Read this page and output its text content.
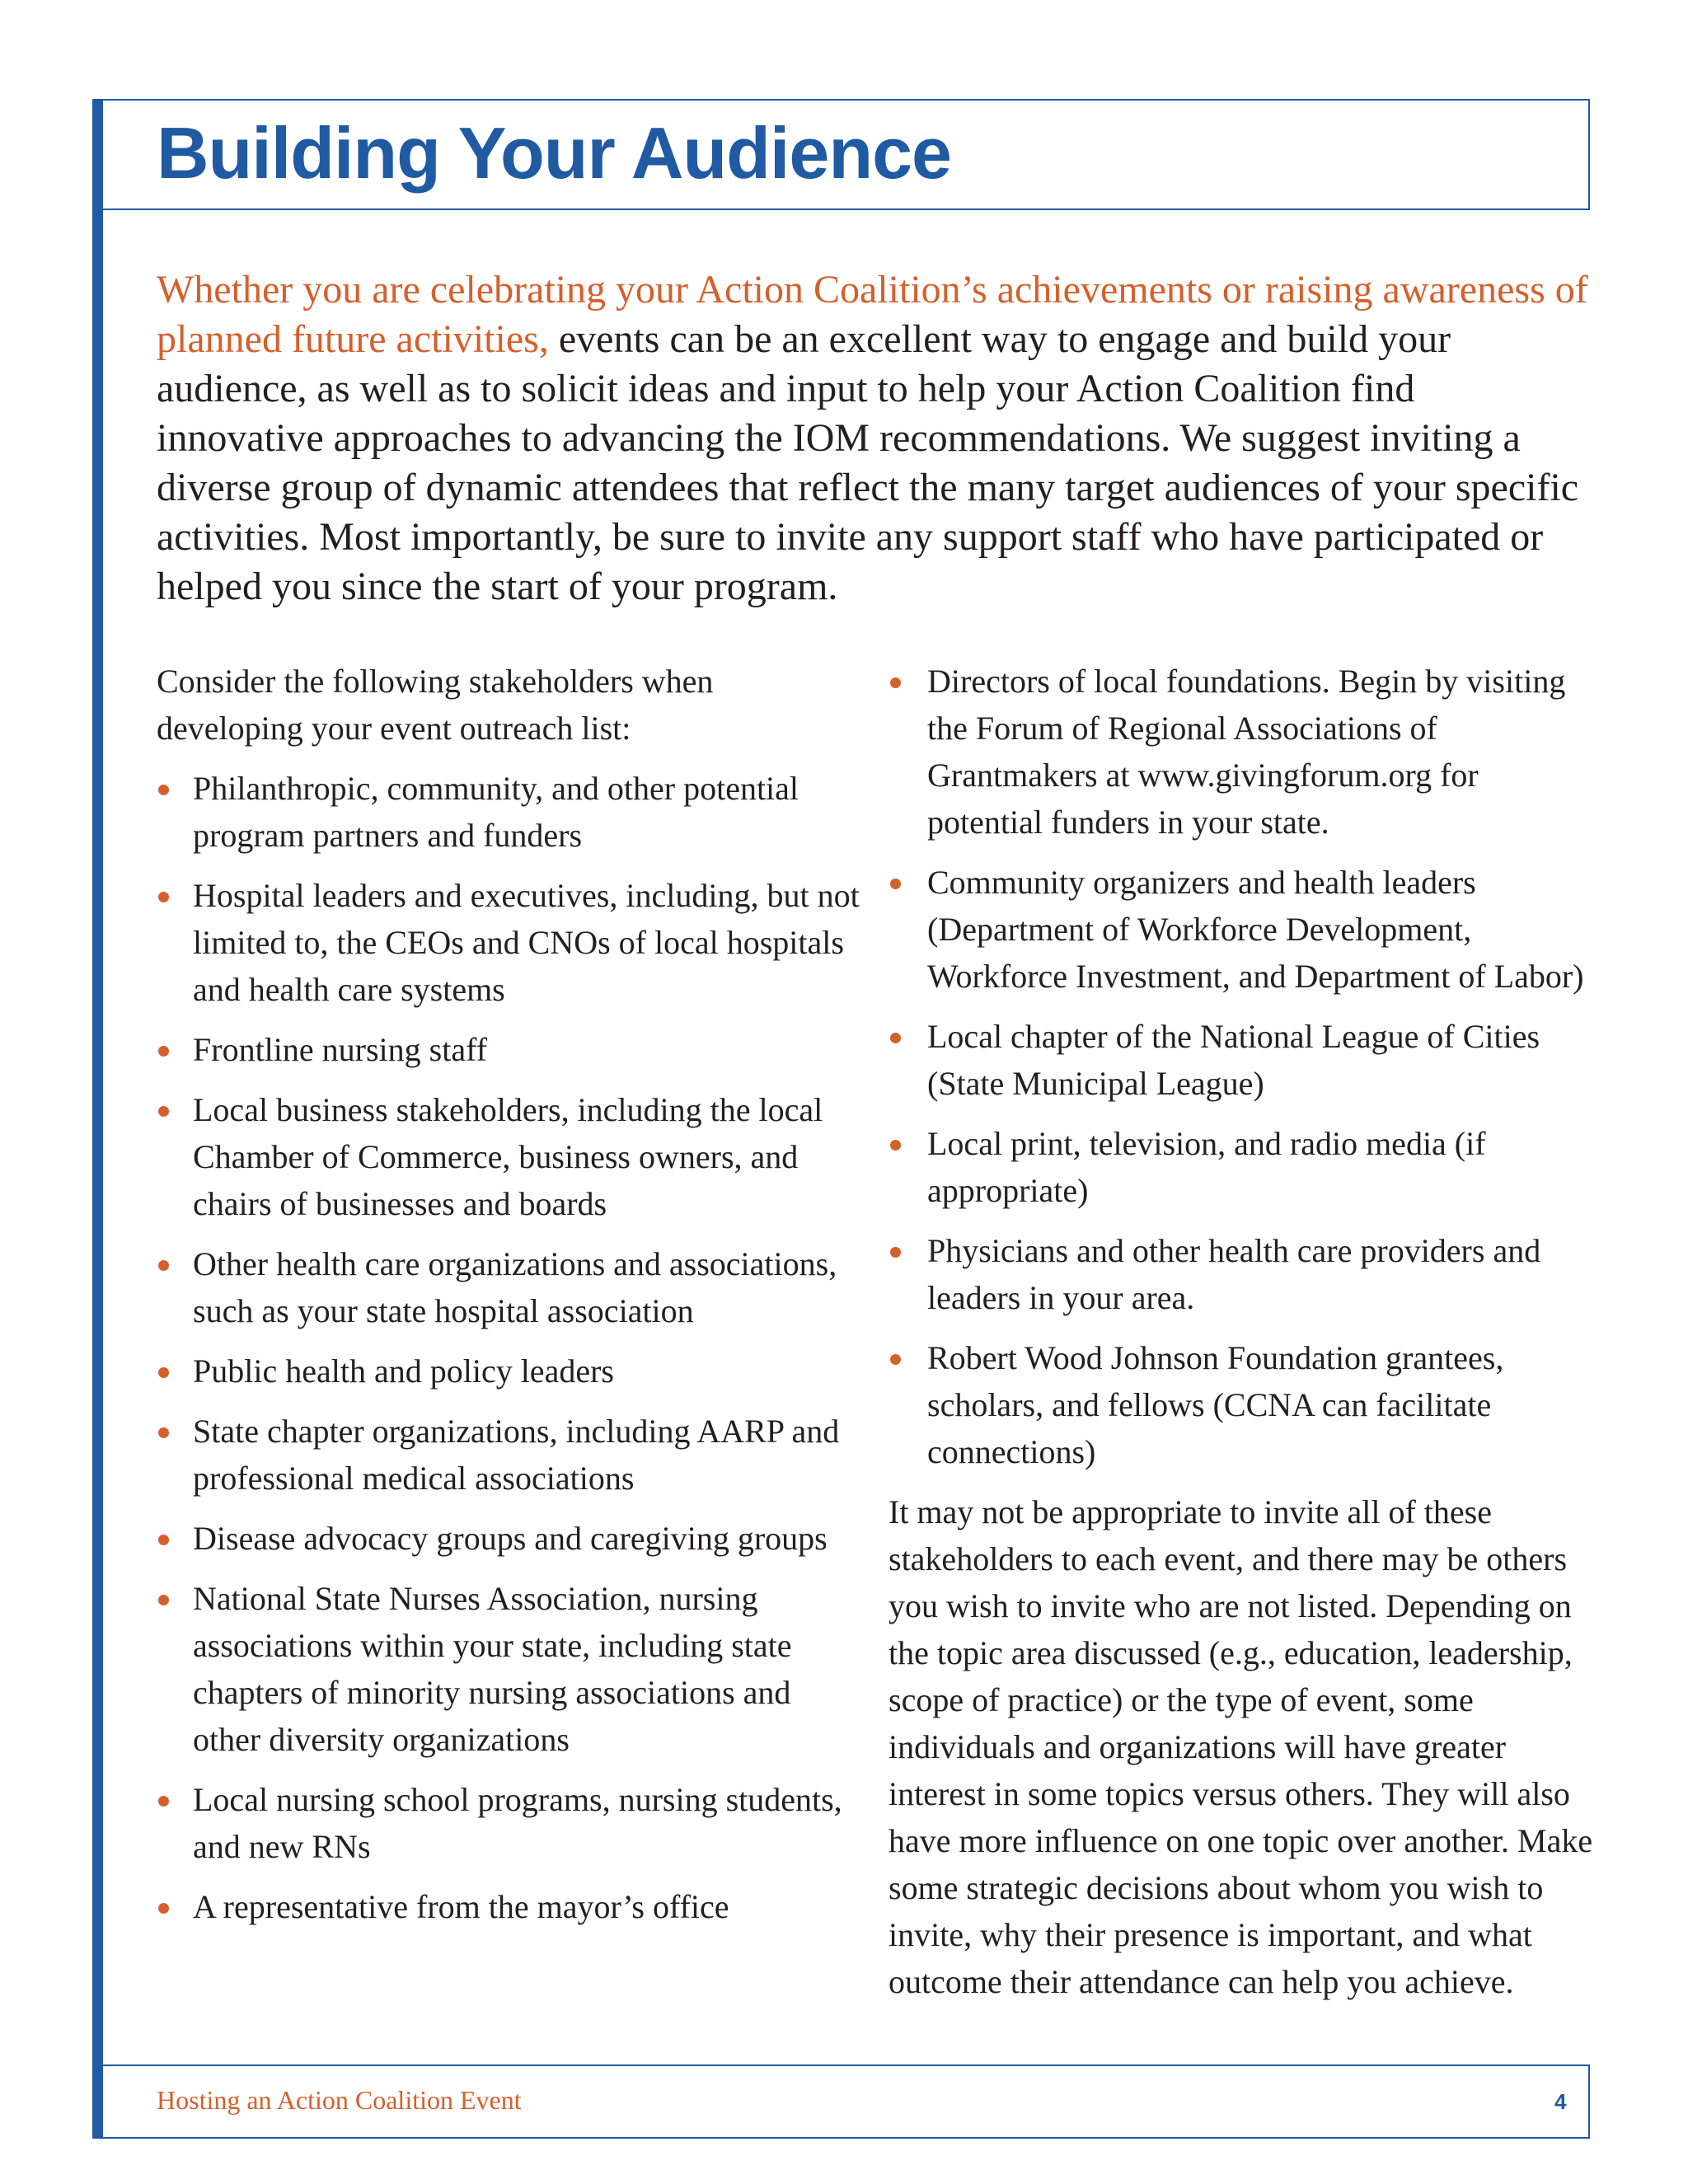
Building Your Audience

Whether you are celebrating your Action Coalition’s achievements or raising awareness of planned future activities, events can be an excellent way to engage and build your audience, as well as to solicit ideas and input to help your Action Coalition find innovative approaches to advancing the IOM recommendations. We suggest inviting a diverse group of dynamic attendees that reflect the many target audiences of your specific activities. Most importantly, be sure to invite any support staff who have participated or helped you since the start of your program.

Consider the following stakeholders when developing your event outreach list:

Philanthropic, community, and other potential program partners and funders
Hospital leaders and executives, including, but not limited to, the CEOs and CNOs of local hospitals and health care systems
Frontline nursing staff
Local business stakeholders, including the local Chamber of Commerce, business owners, and chairs of businesses and boards
Other health care organizations and associations, such as your state hospital association
Public health and policy leaders
State chapter organizations, including AARP and professional medical associations
Disease advocacy groups and caregiving groups
National State Nurses Association, nursing associations within your state, including state chapters of minority nursing associations and other diversity organizations
Local nursing school programs, nursing students, and new RNs
A representative from the mayor’s office
Directors of local foundations. Begin by visiting the Forum of Regional Associations of Grantmakers at www.givingforum.org for potential funders in your state.
Community organizers and health leaders (Department of Workforce Development, Workforce Investment, and Department of Labor)
Local chapter of the National League of Cities (State Municipal League)
Local print, television, and radio media (if appropriate)
Physicians and other health care providers and leaders in your area.
Robert Wood Johnson Foundation grantees, scholars, and fellows (CCNA can facilitate connections)

It may not be appropriate to invite all of these stakeholders to each event, and there may be others you wish to invite who are not listed. Depending on the topic area discussed (e.g., education, leadership, scope of practice) or the type of event, some individuals and organizations will have greater interest in some topics versus others. They will also have more influence on one topic over another. Make some strategic decisions about whom you wish to invite, why their presence is important, and what outcome their attendance can help you achieve.

Hosting an Action Coalition Event	4
